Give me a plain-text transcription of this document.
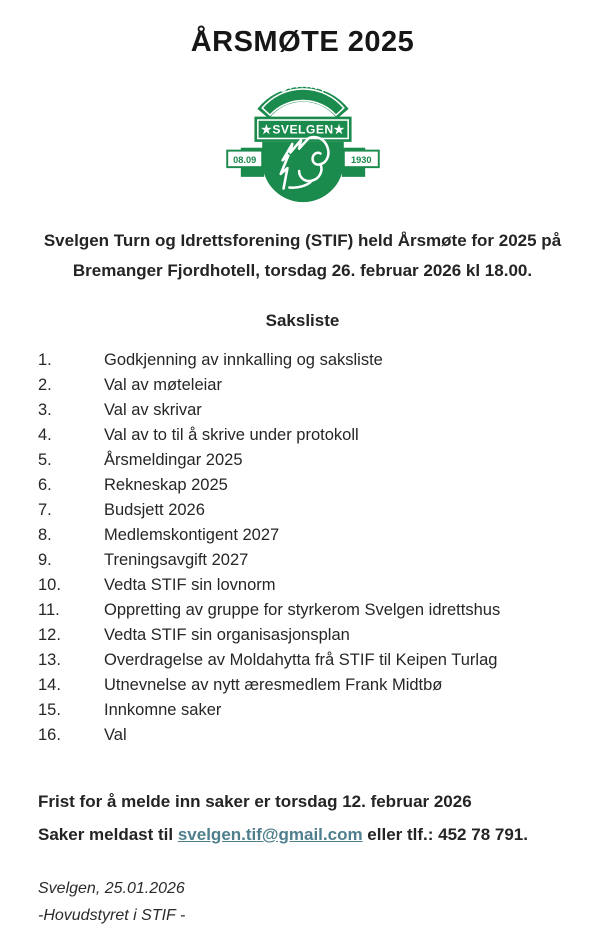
ÅRSMØTE 2025
S.T.I.F.
★SVELGEN★
08.09	1930
Svelgen Turn og Idrettsforening (STIF) held Årsmøte for 2025 på
Bremanger Fjordhotell, torsdag 26. februar 2026 kl 18.00.
Saksliste
1.	Godkjenning av innkalling og saksliste
2.	Val av møteleiar
3.	Val av skrivar
4.	Val av to til å skrive under protokoll
5.	Årsmeldingar 2025
6.	Rekneskap 2025
7.	Budsjett 2026
8.	Medlemskontigent 2027
9.	Treningsavgift 2027
10.	Vedta STIF sin lovnorm
11.	Oppretting av gruppe for styrkerom Svelgen idrettshus
12.	Vedta STIF sin organisasjonsplan
13.	Overdragelse av Moldahytta frå STIF til Keipen Turlag
14.	Utnevnelse av nytt æresmedlem Frank Midtbø
15.	Innkomne saker
16.	Val
Frist for å melde inn saker er torsdag 12. februar 2026
Saker meldast til svelgen.tif@gmail.com eller tlf.: 452 78 791.
Svelgen, 25.01.2026
-Hovudstyret i STIF -
